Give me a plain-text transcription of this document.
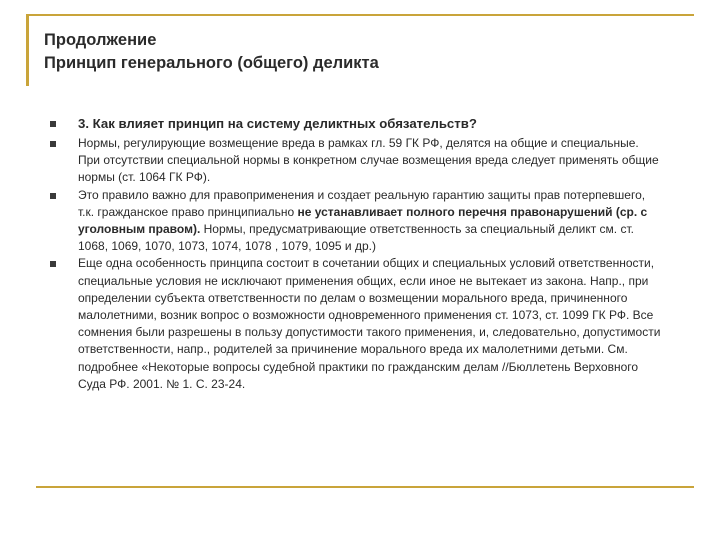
Продолжение
Принцип генерального (общего) деликта
3. Как влияет принцип на систему деликтных обязательств?
Нормы, регулирующие возмещение вреда в рамках гл. 59 ГК РФ, делятся на общие и специальные. При отсутствии специальной нормы в конкретном случае возмещения вреда следует применять общие нормы (ст. 1064 ГК РФ).
Это правило важно для правоприменения и создает реальную гарантию защиты прав потерпевшего, т.к. гражданское право принципиально не устанавливает полного перечня правонарушений (ср. с уголовным правом). Нормы, предусматривающие ответственность за специальный деликт см. ст. 1068, 1069, 1070, 1073, 1074, 1078 , 1079, 1095 и др.)
Еще одна особенность принципа состоит в сочетании общих и специальных условий ответственности, специальные условия не исключают применения общих, если иное не вытекает из закона. Напр., при определении субъекта ответственности по делам о возмещении морального вреда, причиненного малолетними, возник вопрос о возможности одновременного применения ст. 1073, ст. 1099 ГК РФ. Все сомнения были разрешены в пользу допустимости такого применения, и, следовательно, допустимости ответственности, напр., родителей за причинение морального вреда их малолетними детьми. См. подробнее «Некоторые вопросы судебной практики по гражданским делам //Бюллетень Верховного Суда РФ. 2001. № 1. С. 23-24.
